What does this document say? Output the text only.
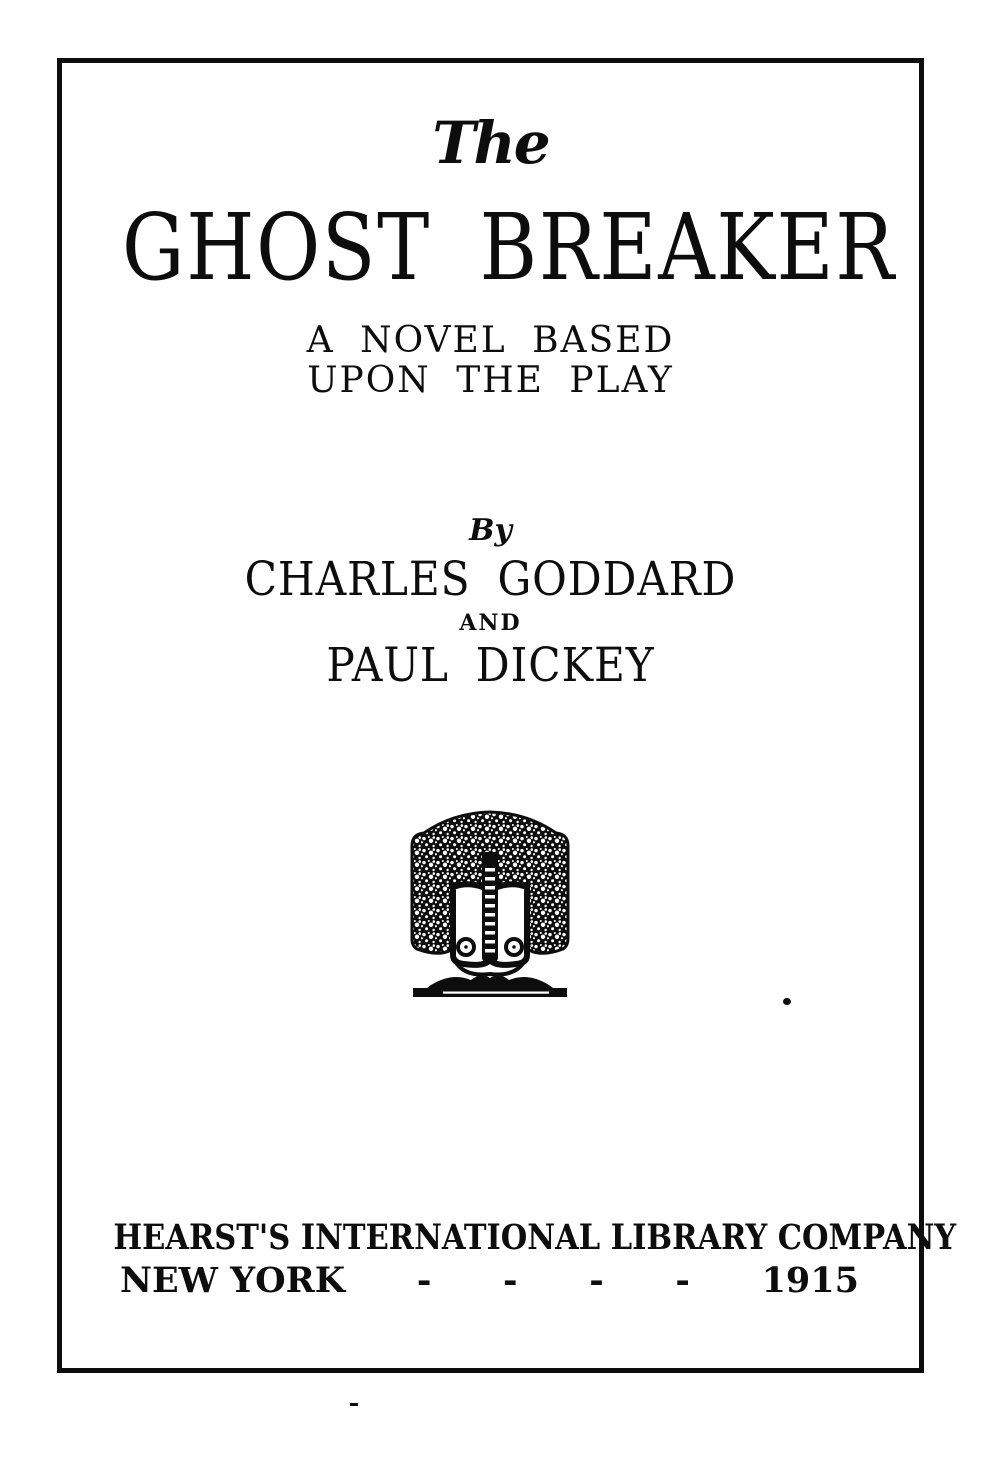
The
GHOST BREAKER
A NOVEL BASED
UPON THE PLAY
By
CHARLES GODDARD
AND
PAUL DICKEY
HEARST'S INTERNATIONAL LIBRARY COMPANY
NEW YORK - - - - 1915
